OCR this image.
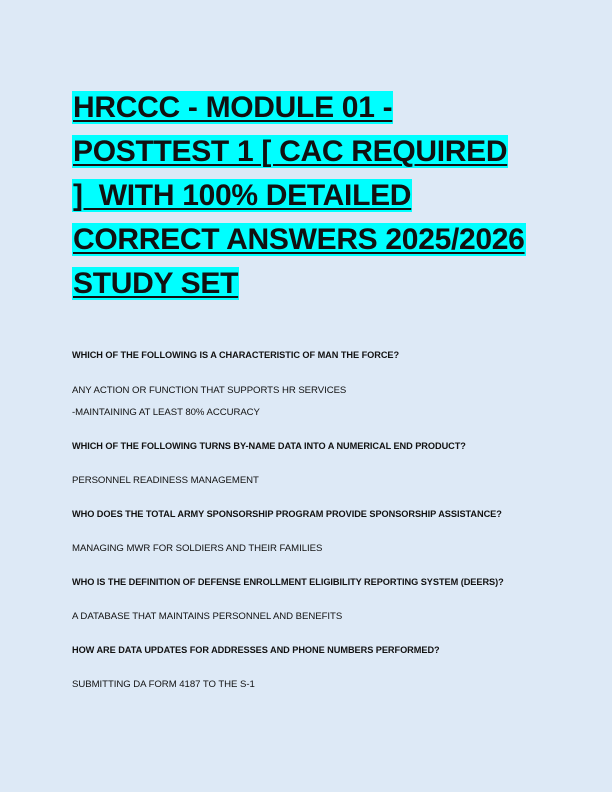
HRCCC - MODULE 01 -
POSTTEST 1 [ CAC REQUIRED
]  WITH 100% DETAILED
CORRECT ANSWERS 2025/2026
STUDY SET

WHICH OF THE FOLLOWING IS A CHARACTERISTIC OF MAN THE FORCE?

ANY ACTION OR FUNCTION THAT SUPPORTS HR SERVICES

-MAINTAINING AT LEAST 80% ACCURACY

WHICH OF THE FOLLOWING TURNS BY-NAME DATA INTO A NUMERICAL END PRODUCT?

PERSONNEL READINESS MANAGEMENT

WHO DOES THE TOTAL ARMY SPONSORSHIP PROGRAM PROVIDE SPONSORSHIP ASSISTANCE?

MANAGING MWR FOR SOLDIERS AND THEIR FAMILIES

WHO IS THE DEFINITION OF DEFENSE ENROLLMENT ELIGIBILITY REPORTING SYSTEM (DEERS)?

A DATABASE THAT MAINTAINS PERSONNEL AND BENEFITS

HOW ARE DATA UPDATES FOR ADDRESSES AND PHONE NUMBERS PERFORMED?

SUBMITTING DA FORM 4187 TO THE S-1
